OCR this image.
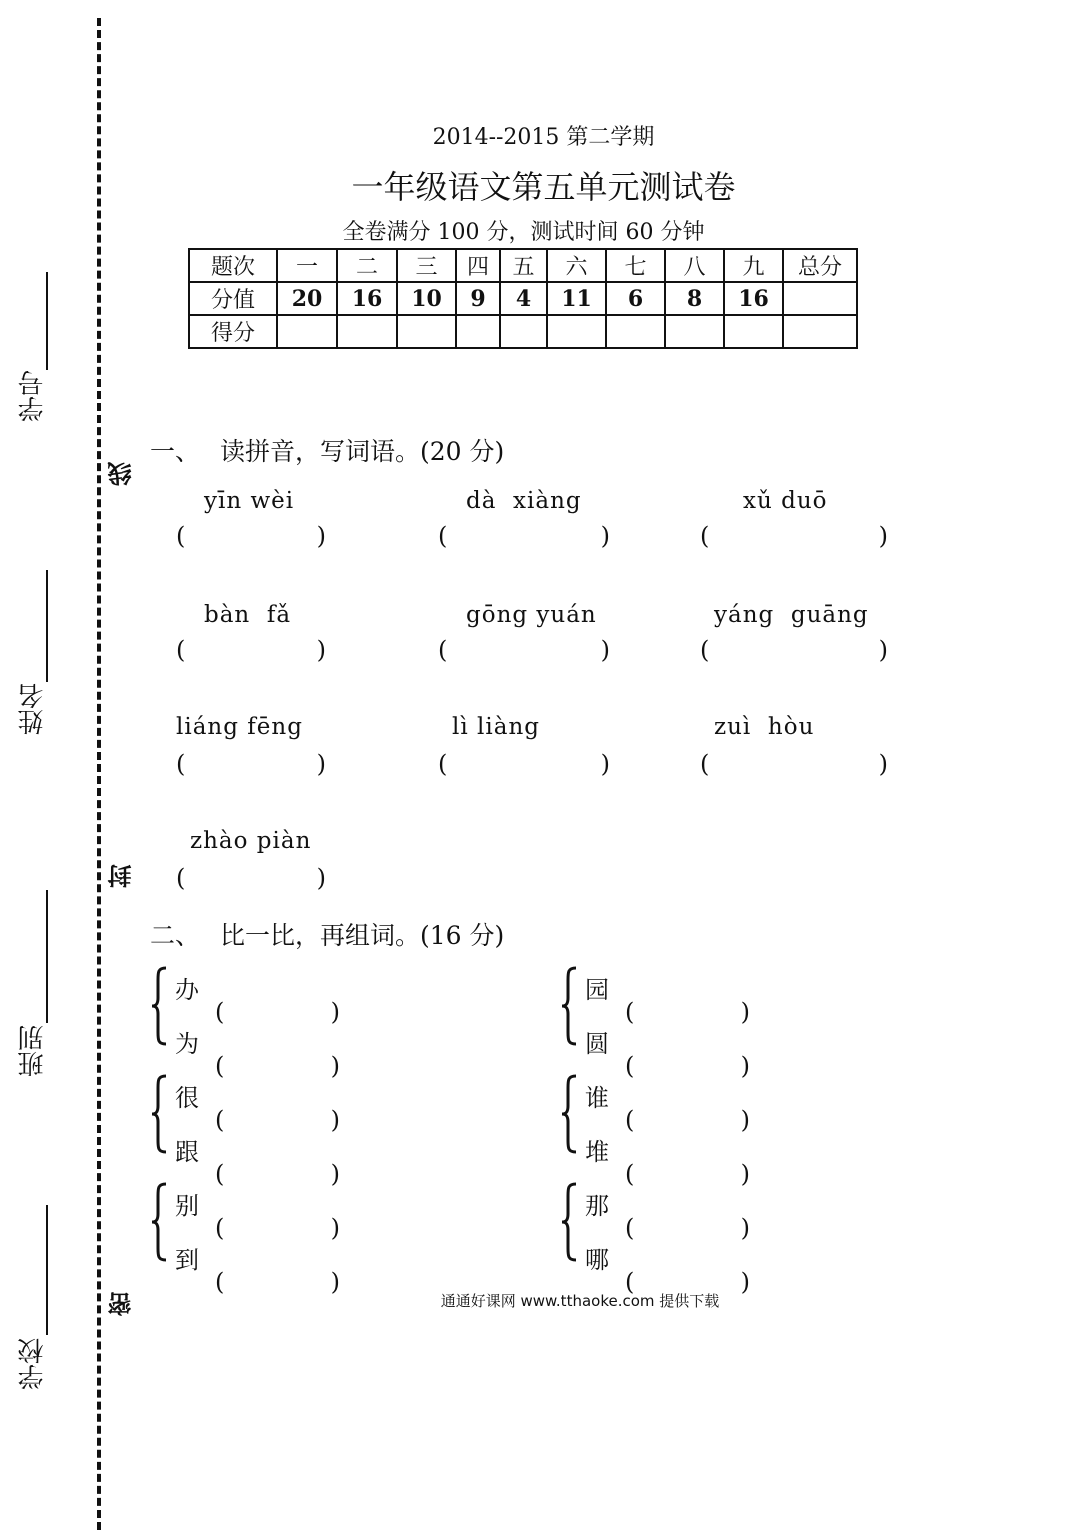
学号
姓名
班别
学校
线
封
密
2014--2015 第二学期
一年级语文第五单元测试卷
全卷满分 100 分，测试时间 60 分钟
题次	一	二	三	四	五	六	七	八	九	总分
分值	20	16	10	9	4	11	6	8	16	
得分										
一、 读拼音，写词语。(20 分)
yīn wèi	dà  xiàng	xǔ duō
(	)	(	)	(	)
bàn  fǎ	gōng yuán	yáng  guāng
(	)	(	)	(	)
liáng fēng	lì liàng	zuì  hòu
(	)	(	)	(	)
zhào piàn
(	)
二、 比一比，再组词。(16 分)
办
(	)
为
(	)
很
(	)
跟
(	)
别
(	)
到
(	)
园
(	)
圆
(	)
谁
(	)
堆
(	)
那
(	)
哪
(	)
通通好课网 www.tthaoke.com 提供下载
